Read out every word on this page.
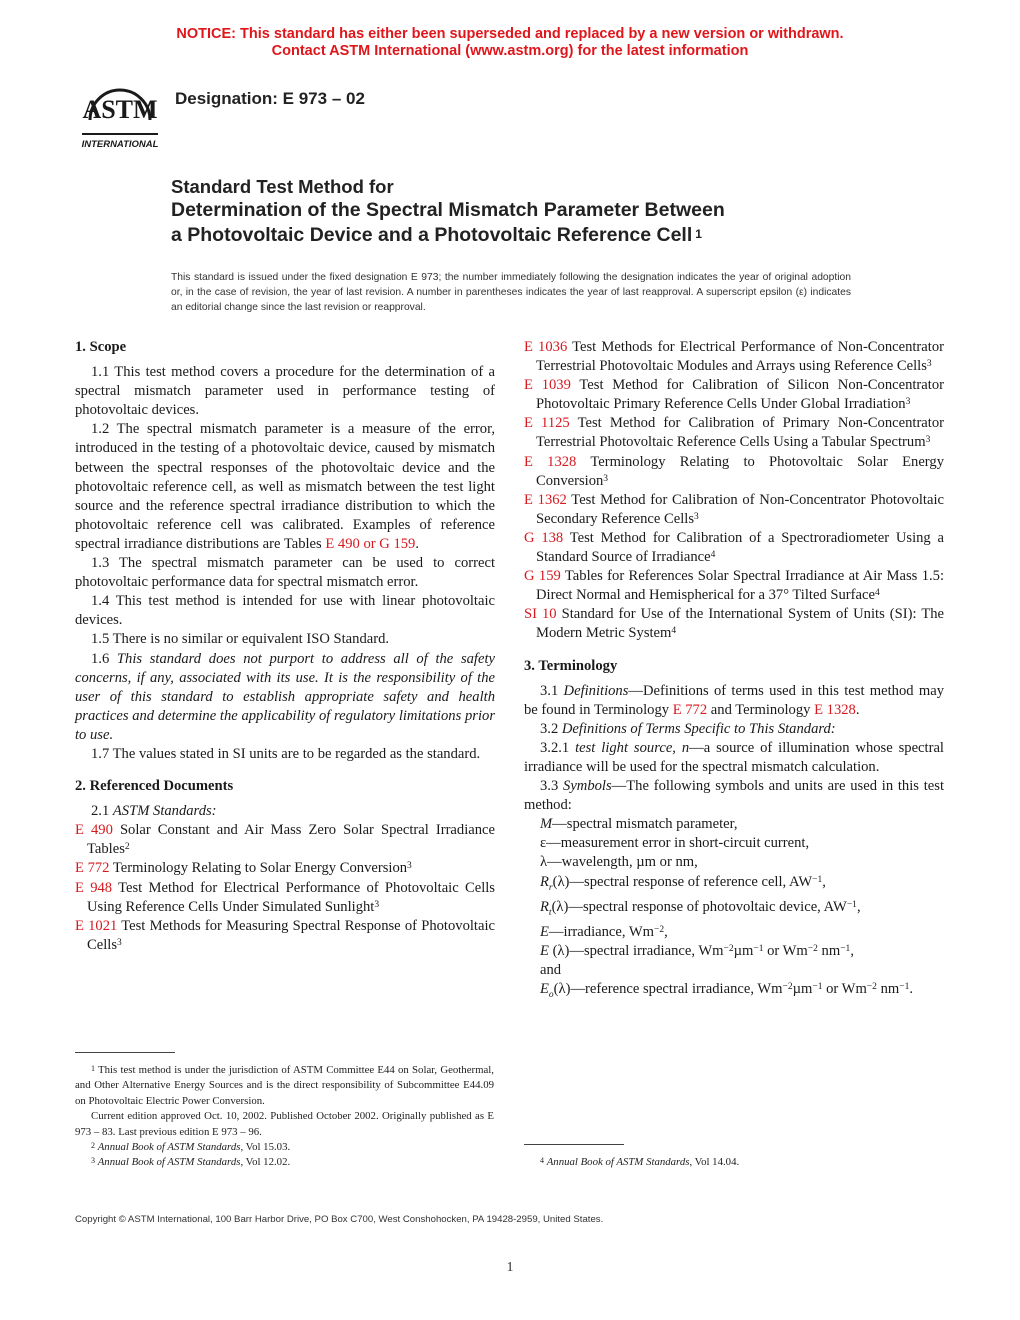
NOTICE: This standard has either been superseded and replaced by a new version or withdrawn.
Contact ASTM International (www.astm.org) for the latest information
ASTM
INTERNATIONAL
Designation: E 973 – 02
Standard Test Method for
Determination of the Spectral Mismatch Parameter Between
a Photovoltaic Device and a Photovoltaic Reference Cell $^1$
This standard is issued under the fixed designation E 973; the number immediately following the designation indicates the year of original adoption or, in the case of revision, the year of last revision. A number in parentheses indicates the year of last reapproval. A superscript epsilon (ε) indicates an editorial change since the last revision or reapproval.

1. Scope

1.1 This test method covers a procedure for the determination of a spectral mismatch parameter used in performance testing of photovoltaic devices.

1.2 The spectral mismatch parameter is a measure of the error, introduced in the testing of a photovoltaic device, caused by mismatch between the spectral responses of the photovoltaic device and the photovoltaic reference cell, as well as mismatch between the test light source and the reference spectral irradiance distribution to which the photovoltaic reference cell was calibrated. Examples of reference spectral irradiance distributions are Tables E 490 or G 159.

1.3 The spectral mismatch parameter can be used to correct photovoltaic performance data for spectral mismatch error.

1.4 This test method is intended for use with linear photovoltaic devices.

1.5 There is no similar or equivalent ISO Standard.

1.6 This standard does not purport to address all of the safety concerns, if any, associated with its use. It is the responsibility of the user of this standard to establish appropriate safety and health practices and determine the applicability of regulatory limitations prior to use.

1.7 The values stated in SI units are to be regarded as the standard.

2. Referenced Documents

2.1 ASTM Standards:

E 490 Solar Constant and Air Mass Zero Solar Spectral Irradiance Tables$^2$

E 772 Terminology Relating to Solar Energy Conversion$^3$

E 948 Test Method for Electrical Performance of Photovoltaic Cells Using Reference Cells Under Simulated Sunlight$^3$

E 1021 Test Methods for Measuring Spectral Response of Photovoltaic Cells$^3$

E 1036 Test Methods for Electrical Performance of Non-Concentrator Terrestrial Photovoltaic Modules and Arrays using Reference Cells$^3$

E 1039 Test Method for Calibration of Silicon Non-Concentrator Photovoltaic Primary Reference Cells Under Global Irradiation$^3$

E 1125 Test Method for Calibration of Primary Non-Concentrator Terrestrial Photovoltaic Reference Cells Using a Tabular Spectrum$^3$

E 1328 Terminology Relating to Photovoltaic Solar Energy Conversion$^3$

E 1362 Test Method for Calibration of Non-Concentrator Photovoltaic Secondary Reference Cells$^3$

G 138 Test Method for Calibration of a Spectroradiometer Using a Standard Source of Irradiance$^4$

G 159 Tables for References Solar Spectral Irradiance at Air Mass 1.5: Direct Normal and Hemispherical for a 37° Tilted Surface$^4$

SI 10 Standard for Use of the International System of Units (SI): The Modern Metric System$^4$

3. Terminology

3.1 Definitions—Definitions of terms used in this test method may be found in Terminology E 772 and Terminology E 1328.

3.2 Definitions of Terms Specific to This Standard:

3.2.1 test light source, n—a source of illumination whose spectral irradiance will be used for the spectral mismatch calculation.

3.3 Symbols—The following symbols and units are used in this test method:

M—spectral mismatch parameter,

ε—measurement error in short-circuit current,

λ—wavelength, µm or nm,

$R_r(\lambda)—spectral$ response of reference cell, $AW^{-1}$,

$R_t(\lambda)—spectral$ response of photovoltaic device, $AW^{-1}$,

E—irradiance, $Wm^{-2}$,

E (λ)—spectral irradiance, $Wm^{-2}\mu m^{-1}$ or $Wm^{-2}$ $nm^{-1}$,

and

$E_o(\lambda)—reference$ spectral irradiance, $Wm^{-2}\mu m^{-1}$ or $Wm^{-2}$ $nm^{-1}$.

$^1$ This test method is under the jurisdiction of ASTM Committee E44 on Solar, Geothermal, and Other Alternative Energy Sources and is the direct responsibility of Subcommittee E44.09 on Photovoltaic Electric Power Conversion.
Current edition approved Oct. 10, 2002. Published October 2002. Originally published as E 973 – 83. Last previous edition E 973 – 96.
$^2$ Annual Book of ASTM Standards, Vol 15.03.
$^3$ Annual Book of ASTM Standards, Vol 12.02.	$^4$ Annual Book of ASTM Standards, Vol 14.04.
Copyright © ASTM International, 100 Barr Harbor Drive, PO Box C700, West Conshohocken, PA 19428-2959, United States.
1
